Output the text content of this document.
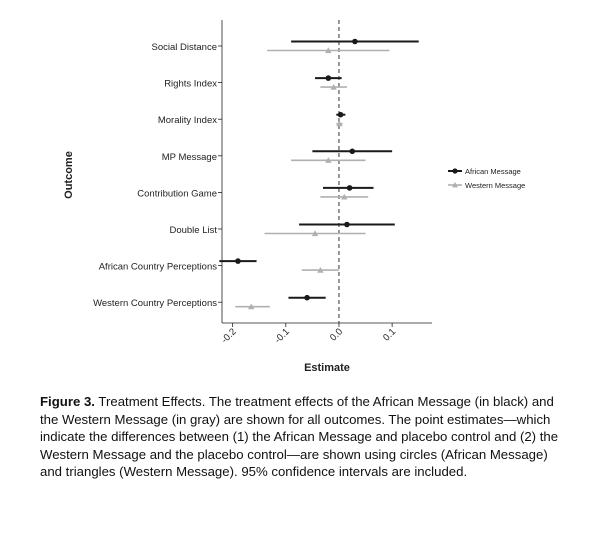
Social Distance
Rights Index
Morality Index
MP Message
Contribution Game
Double List
African Country Perceptions
Western Country Perceptions
-0.2	-0.1	0.0	0.1
Estimate
Outcome	African Message
Western Message
Figure 3. Treatment Effects. The treatment effects of the African Message (in black) and the Western Message (in gray) are shown for all outcomes. The point estimates—which indicate the differences between (1) the African Message and placebo control and (2) the Western Message and the placebo control—are shown using circles (African Message) and triangles (Western Message). 95% confidence intervals are included.
